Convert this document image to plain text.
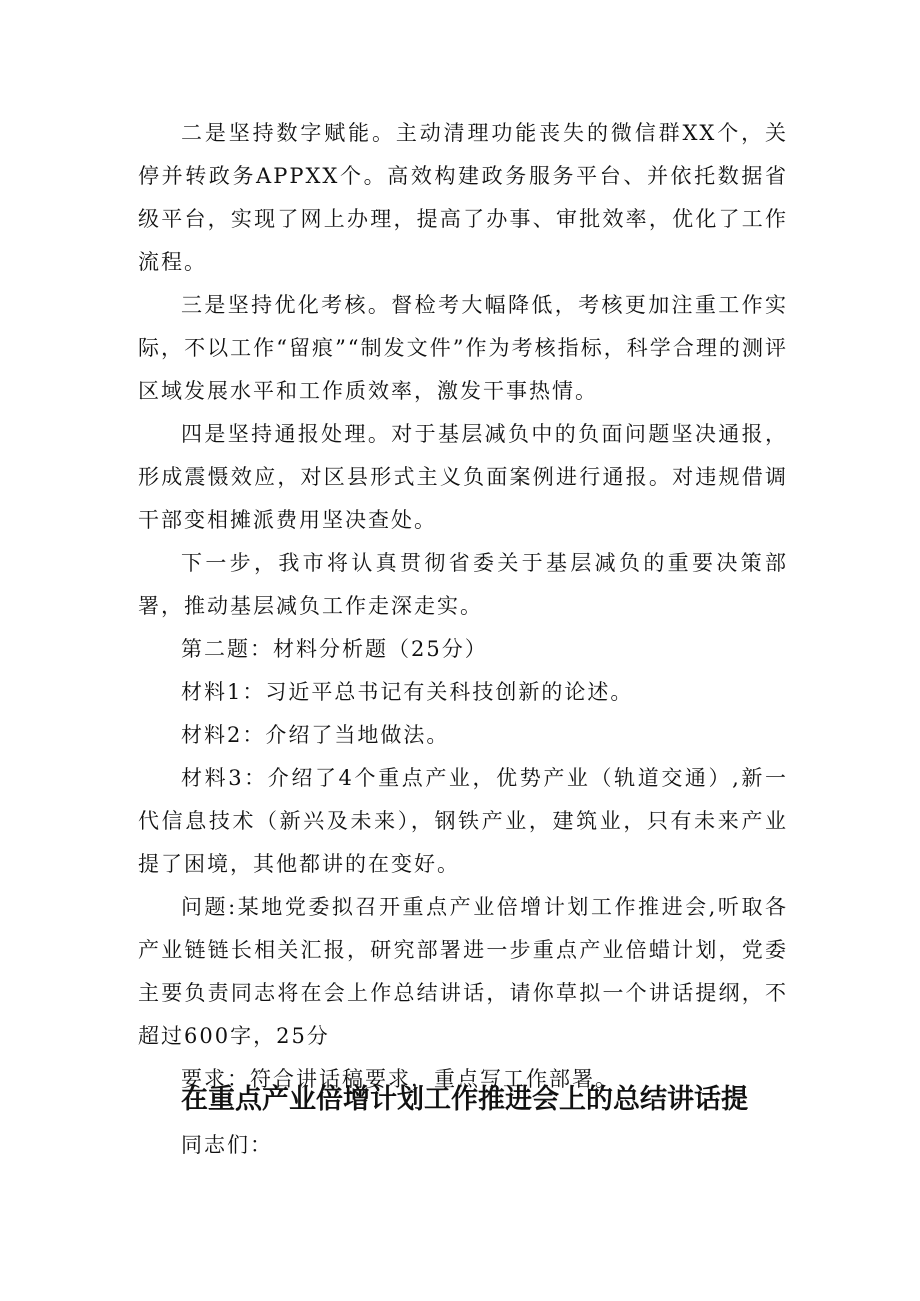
二是坚持数字赋能。主动清理功能丧失的微信群XX个，关停并转政务APPXX个。高效构建政务服务平台、并依托数据省级平台，实现了网上办理，提高了办事、审批效率，优化了工作流程。

三是坚持优化考核。督检考大幅降低，考核更加注重工作实际，不以工作“留痕”“制发文件”作为考核指标，科学合理的测评区域发展水平和工作质效率，激发干事热情。

四是坚持通报处理。对于基层减负中的负面问题坚决通报，形成震慑效应，对区县形式主义负面案例进行通报。对违规借调干部变相摊派费用坚决查处。

下一步，我市将认真贯彻省委关于基层减负的重要决策部署，推动基层减负工作走深走实。

第二题：材料分析题（25分）

材料1：习近平总书记有关科技创新的论述。

材料2：介绍了当地做法。

材料3：介绍了4个重点产业，优势产业（轨道交通）,新一代信息技术（新兴及未来），钢铁产业，建筑业，只有未来产业提了困境，其他都讲的在变好。

问题:某地党委拟召开重点产业倍增计划工作推进会,听取各产业链链长相关汇报，研究部署进一步重点产业倍蜡计划，党委主要负责同志将在会上作总结讲话，请你草拟一个讲话提纲，不超过600字，25分

要求：符合讲话稿要求，重点写工作部署。

在重点产业倍增计划工作推进会上的总结讲话提

同志们：
